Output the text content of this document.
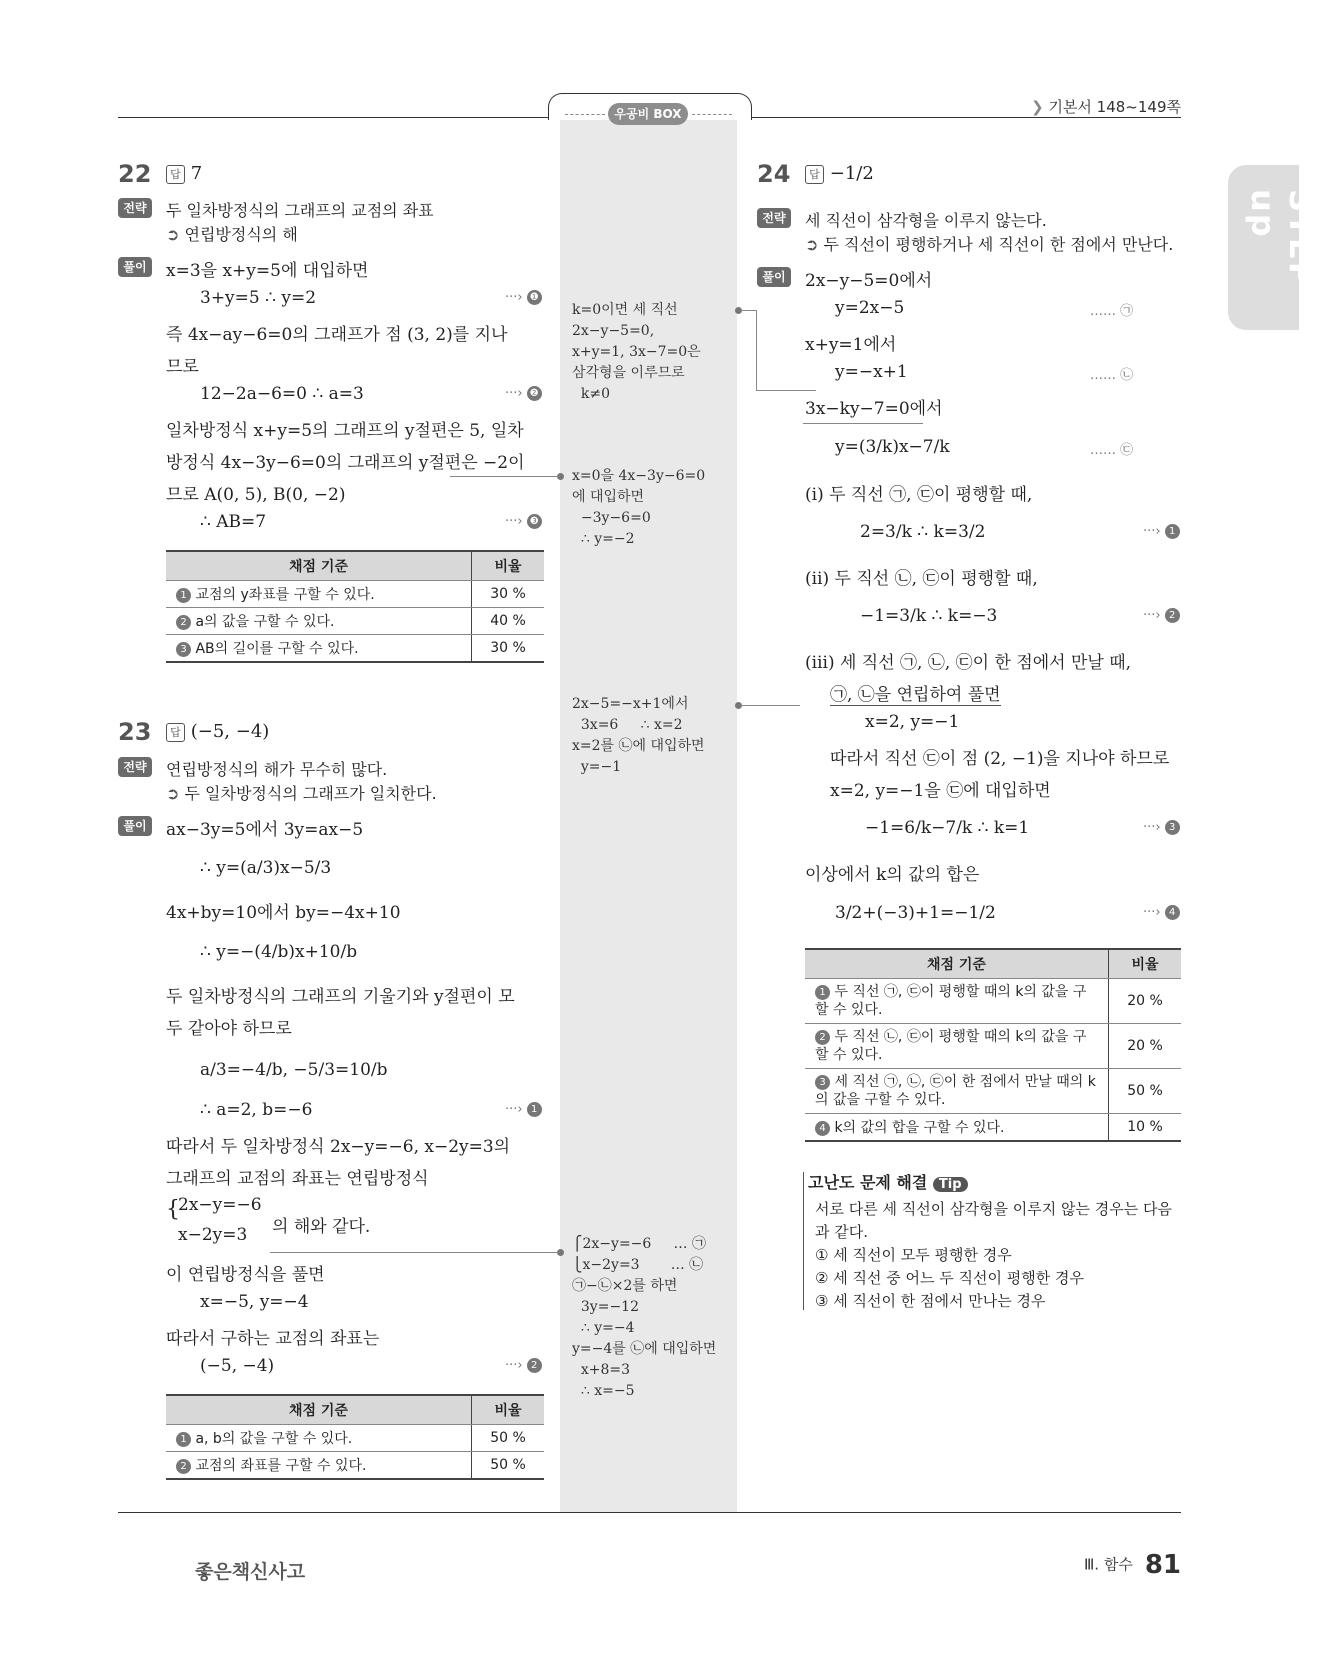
우공비 BOX	❯ 기본서 148~149쪽
STEP up
22	답 7
전략	두 일차방정식의 그래프의 교점의 좌표
➲ 연립방정식의 해
풀이	x=3을 x+y=5에 대입하면
3+y=5 ∴ y=2	···› ❶
즉 4x−ay−6=0의 그래프가 점 (3, 2)를 지나
므로
12−2a−6=0 ∴ a=3	···› ❷
일차방정식 x+y=5의 그래프의 y절편은 5, 일차
방정식 4x−3y−6=0의 그래프의 y절편은 −2이
므로 A(0, 5), B(0, −2)
∴ AB=7	···› ❸
채점 기준	비율
1 교점의 y좌표를 구할 수 있다.	30 %
2 a의 값을 구할 수 있다.	40 %
3 AB의 길이를 구할 수 있다.	30 %
23	답 (−5, −4)
전략	연립방정식의 해가 무수히 많다.
➲ 두 일차방정식의 그래프가 일치한다.
풀이	ax−3y=5에서 3y=ax−5
∴ y=(a/3)x−5/3
4x+by=10에서 by=−4x+10
∴ y=−(4/b)x+10/b
두 일차방정식의 그래프의 기울기와 y절편이 모
두 같아야 하므로
a/3=−4/b, −5/3=10/b
∴ a=2, b=−6	···› 1
따라서 두 일차방정식 2x−y=−6, x−2y=3의
그래프의 교점의 좌표는 연립방정식
{
2x−y=−6
x−2y=3 의 해와 같다.
이 연립방정식을 풀면
x=−5, y=−4
따라서 구하는 교점의 좌표는
(−5, −4)	···› 2
채점 기준	비율
1 a, b의 값을 구할 수 있다.	50 %
2 교점의 좌표를 구할 수 있다.	50 %
k=0이면 세 직선
2x−y−5=0,
x+y=1, 3x−7=0은
삼각형을 이루므로
k≠0
x=0을 4x−3y−6=0
에 대입하면
−3y−6=0
∴ y=−2
2x−5=−x+1에서
3x=6     ∴ x=2
x=2를 ㉡에 대입하면
y=−1
⎧2x−y=−6     … ㉠
⎩x−2y=3       … ㉡
㉠−㉡×2를 하면
3y=−12
∴ y=−4
y=−4를 ㉡에 대입하면
x+8=3
∴ x=−5
24	답 −1/2
전략	세 직선이 삼각형을 이루지 않는다.
➲ 두 직선이 평행하거나 세 직선이 한 점에서 만난다.
풀이	2x−y−5=0에서
y=2x−5	…… ㉠
x+y=1에서
y=−x+1	…… ㉡
3x−ky−7=0에서
y=(3/k)x−7/k	…… ㉢
(ⅰ) 두 직선 ㉠, ㉢이 평행할 때,
2=3/k ∴ k=3/2	···› 1
(ⅱ) 두 직선 ㉡, ㉢이 평행할 때,
−1=3/k ∴ k=−3	···› 2
(ⅲ) 세 직선 ㉠, ㉡, ㉢이 한 점에서 만날 때,
㉠, ㉡을 연립하여 풀면
x=2, y=−1
따라서 직선 ㉢이 점 (2, −1)을 지나야 하므로
x=2, y=−1을 ㉢에 대입하면
−1=6/k−7/k ∴ k=1	···› 3
이상에서 k의 값의 합은
3/2+(−3)+1=−1/2	···› 4
채점 기준	비율
1 두 직선 ㉠, ㉢이 평행할 때의 k의 값을 구할 수 있다.	20 %
2 두 직선 ㉡, ㉢이 평행할 때의 k의 값을 구할 수 있다.	20 %
3 세 직선 ㉠, ㉡, ㉢이 한 점에서 만날 때의 k의 값을 구할 수 있다.	50 %
4 k의 값의 합을 구할 수 있다.	10 %
고난도 문제 해결 Tip
서로 다른 세 직선이 삼각형을 이루지 않는 경우는 다음
과 같다.
① 세 직선이 모두 평행한 경우
② 세 직선 중 어느 두 직선이 평행한 경우
③ 세 직선이 한 점에서 만나는 경우
좋은책신사고	Ⅲ. 함수 81
